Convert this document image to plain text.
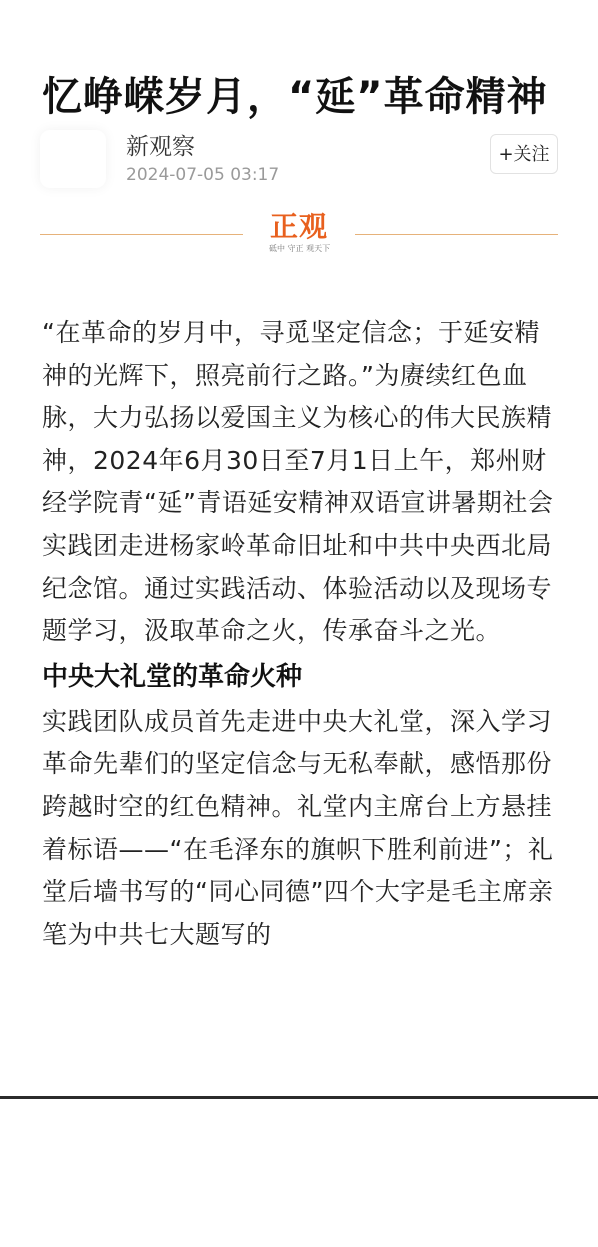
忆峥嵘岁月，“延”革命精神
新观察
2024-07-05 03:17
+关注
正观
砥中 守正 观天下

“在革命的岁月中，寻觅坚定信念；于延安精神的光辉下，照亮前行之路。”为赓续红色血脉，大力弘扬以爱国主义为核心的伟大民族精神，2024年6月30日至7月1日上午，郑州财经学院青“延”青语延安精神双语宣讲暑期社会实践团走进杨家岭革命旧址和中共中央西北局纪念馆。通过实践活动、体验活动以及现场专题学习，汲取革命之火，传承奋斗之光。

中央大礼堂的革命火种

实践团队成员首先走进中央大礼堂，深入学习革命先辈们的坚定信念与无私奉献，感悟那份跨越时空的红色精神。礼堂内主席台上方悬挂着标语——“在毛泽东的旗帜下胜利前进”；礼堂后墙书写的“同心同德”四个大字是毛主席亲笔为中共七大题写的
